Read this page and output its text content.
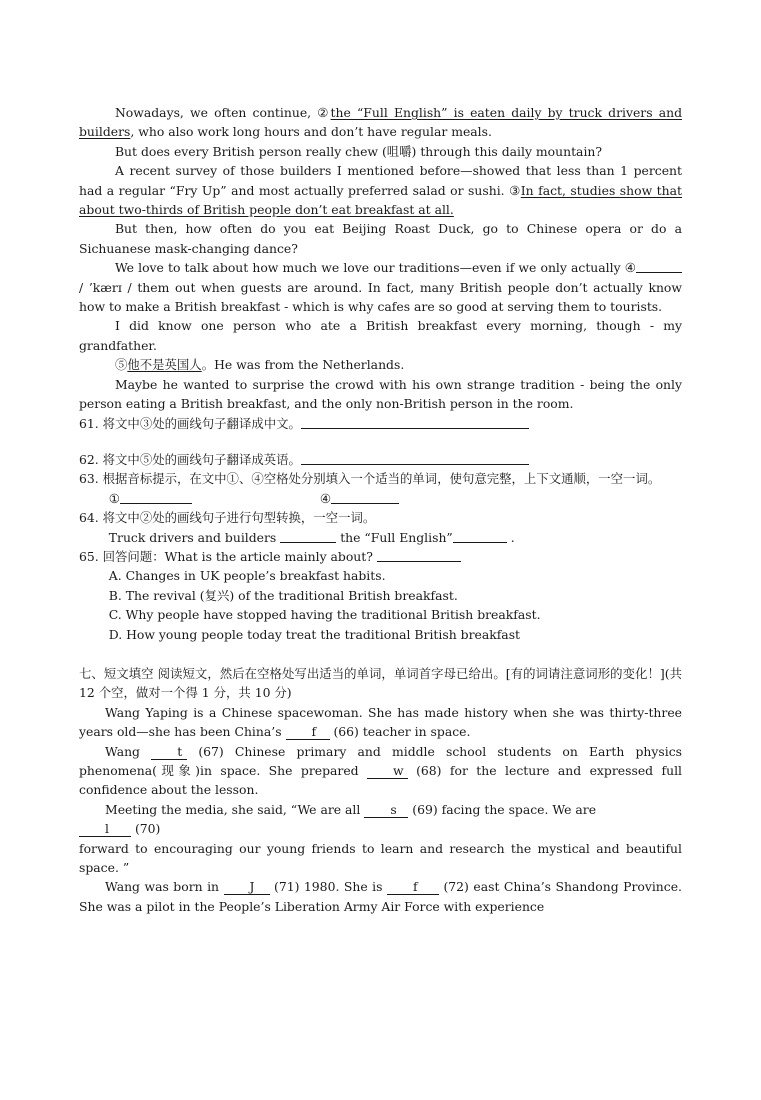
Nowadays, we often continue, ②the “Full English” is eaten daily by truck drivers and builders, who also work long hours and don’t have regular meals.

But does every British person really chew (咀嚼) through this daily mountain?

A recent survey of those builders I mentioned before—showed that less than 1 percent had a regular “Fry Up” and most actually preferred salad or sushi. ③In fact, studies show that about two-thirds of British people don’t eat breakfast at all.

But then, how often do you eat Beijing Roast Duck, go to Chinese opera or do a Sichuanese mask-changing dance?

We love to talk about how much we love our traditions—even if we only actually ④ / ’kærɪ / them out when guests are around. In fact, many British people don’t actually know how to make a British breakfast - which is why cafes are so good at serving them to tourists.

I did know one person who ate a British breakfast every morning, though - my grandfather.

⑤他不是英国人。He was from the Netherlands.

Maybe he wanted to surprise the crowd with his own strange tradition - being the only person eating a British breakfast, and the only non-British person in the room.

61. 将文中③处的画线句子翻译成中文。
62. 将文中⑤处的画线句子翻译成英语。

63. 根据音标提示，在文中①、④空格处分别填入一个适当的单词，使句意完整，上下文通顺，一空一词。

①	④
64. 将文中②处的画线句子进行句型转换，一空一词。
Truck drivers and builders	the “Full English”	.
65. 回答问题：What is the article mainly about?
A. Changes in UK people’s breakfast habits.
B. The revival (复兴) of the traditional British breakfast.
C. Why people have stopped having the traditional British breakfast.
D. How young people today treat the traditional British breakfast

七、短文填空 阅读短文，然后在空格处写出适当的单词，单词首字母已给出。[有的词请注意词形的变化！](共 12 个空，做对一个得 1 分，共 10 分)

Wang Yaping is a Chinese spacewoman. She has made history when she was thirty-three years old—she has been China’s f (66) teacher in space.

Wang t (67) Chinese primary and middle school students on Earth physics phenomena(现象)in space. She prepared w (68) for the lecture and expressed full confidence about the lesson.

Meeting the media, she said, “We are all s (69) facing the space. We are
l (70)

forward to encouraging our young friends to learn and research the mystical and beautiful space. ”

Wang was born in J (71) 1980. She is f (72) east China’s Shandong Province. She was a pilot in the People’s Liberation Army Air Force with experience
